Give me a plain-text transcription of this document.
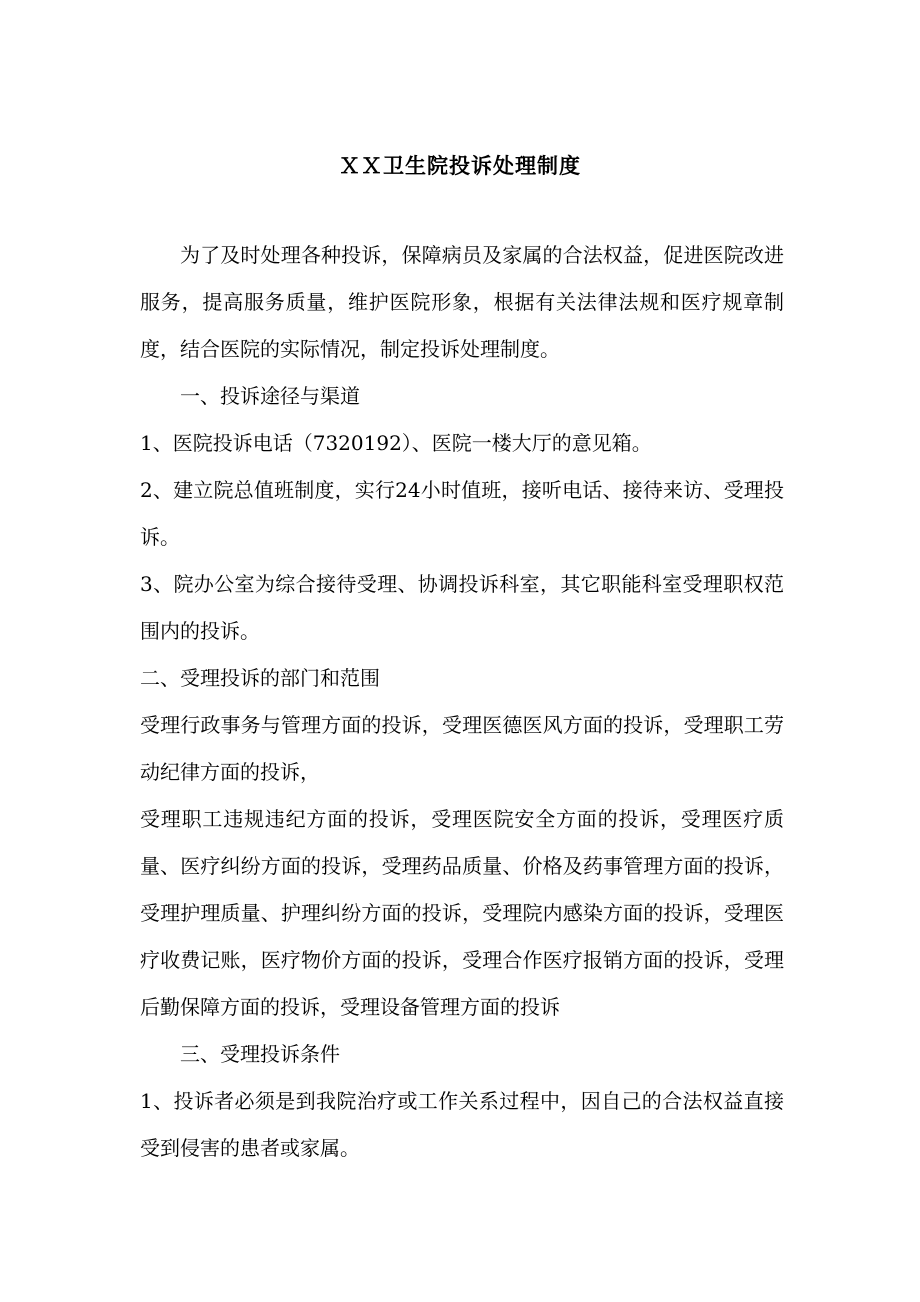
ＸＸ卫生院投诉处理制度

为了及时处理各种投诉，保障病员及家属的合法权益，促进医院改进服务，提高服务质量，维护医院形象，根据有关法律法规和医疗规章制度，结合医院的实际情况，制定投诉处理制度。

一、投诉途径与渠道

1、医院投诉电话（7320192）、医院一楼大厅的意见箱。

2、建立院总值班制度，实行24小时值班，接听电话、接待来访、受理投诉。

3、院办公室为综合接待受理、协调投诉科室，其它职能科室受理职权范围内的投诉。

二、受理投诉的部门和范围

受理行政事务与管理方面的投诉，受理医德医风方面的投诉，受理职工劳动纪律方面的投诉，

受理职工违规违纪方面的投诉，受理医院安全方面的投诉，受理医疗质量、医疗纠纷方面的投诉，受理药品质量、价格及药事管理方面的投诉，受理护理质量、护理纠纷方面的投诉，受理院内感染方面的投诉，受理医疗收费记账，医疗物价方面的投诉，受理合作医疗报销方面的投诉，受理后勤保障方面的投诉，受理设备管理方面的投诉

三、受理投诉条件

1、投诉者必须是到我院治疗或工作关系过程中，因自己的合法权益直接受到侵害的患者或家属。
